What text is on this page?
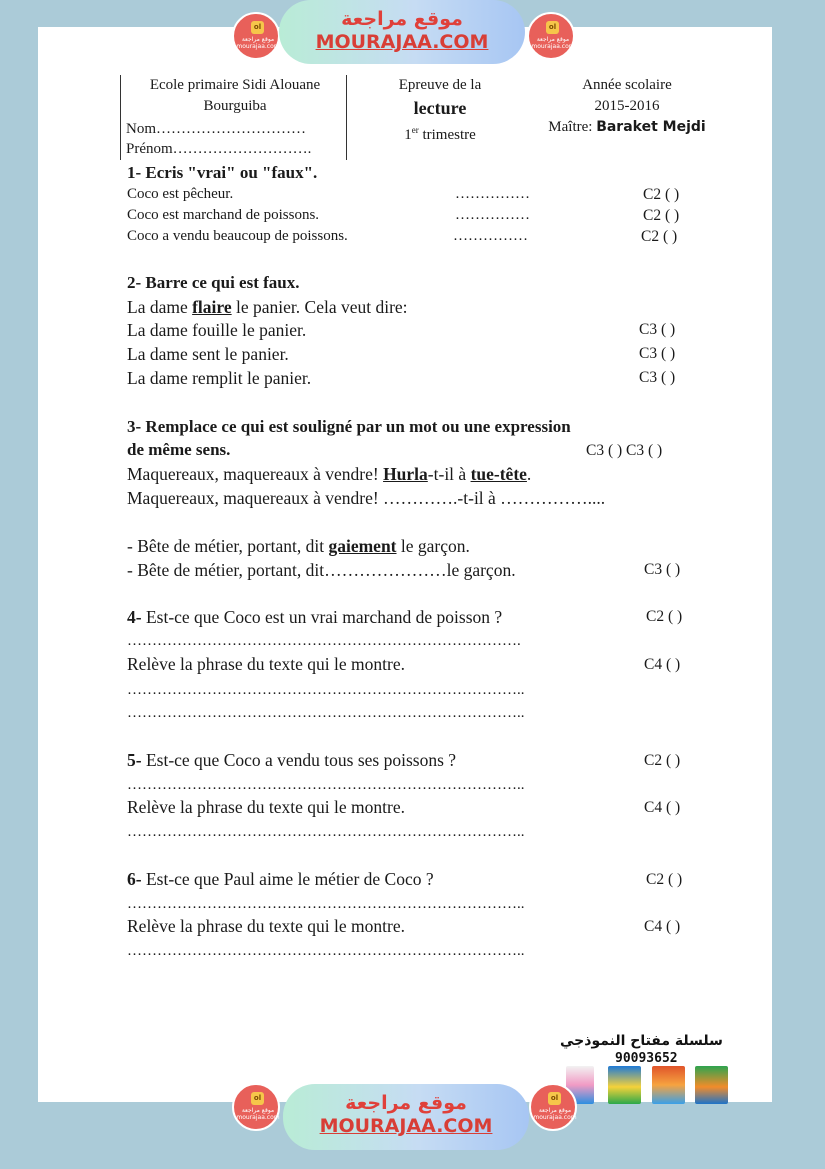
ol
موقع مراجعة mourajaa.com
موقع مراجعة
MOURAJAA.COM
ol
موقع مراجعة mourajaa.com
Ecole primaire Sidi Alouane
Bourguiba
Nom…………………………
Prénom……………………….
Epreuve de la
lecture
1er trimestre
Année scolaire
2015-2016
Maître: Baraket Mejdi
1- Ecris "vrai" ou "faux".
Coco est pêcheur.	……………	C2 ( )
Coco est marchand de poissons.	……………	C2 ( )
Coco a vendu beaucoup de poissons.	……………	C2 ( )
2- Barre ce qui est faux.
La dame flaire le panier. Cela veut dire:
La dame fouille le panier.	C3 ( )
La dame sent le panier.	C3 ( )
La dame remplit le panier.	C3 ( )
3- Remplace ce qui est souligné par un mot ou une expression
de même sens.	C3 ( ) C3 ( )
Maquereaux, maquereaux à vendre! Hurla-t-il à tue-tête.
Maquereaux, maquereaux à vendre! ………….-t-il à ……………....
- Bête de métier, portant, dit gaiement le garçon.
- Bête de métier, portant, dit…………………le garçon.	C3 ( )
4- Est-ce que Coco est un vrai marchand de poisson ?	C2 ( )
…………………………………………………………………….
Relève la phrase du texte qui le montre.	C4 ( )
……………………………………………………………………..
……………………………………………………………………..
5- Est-ce que Coco a vendu tous ses poissons ?	C2 ( )
……………………………………………………………………..
Relève la phrase du texte qui le montre.	C4 ( )
……………………………………………………………………..
6- Est-ce que Paul aime le métier de Coco ?	C2 ( )
……………………………………………………………………..
Relève la phrase du texte qui le montre.	C4 ( )
……………………………………………………………………..
سلسلة مفتاح النموذجي
90093652
ol
موقع مراجعة mourajaa.com
موقع مراجعة
MOURAJAA.COM
ol
موقع مراجعة mourajaa.com
